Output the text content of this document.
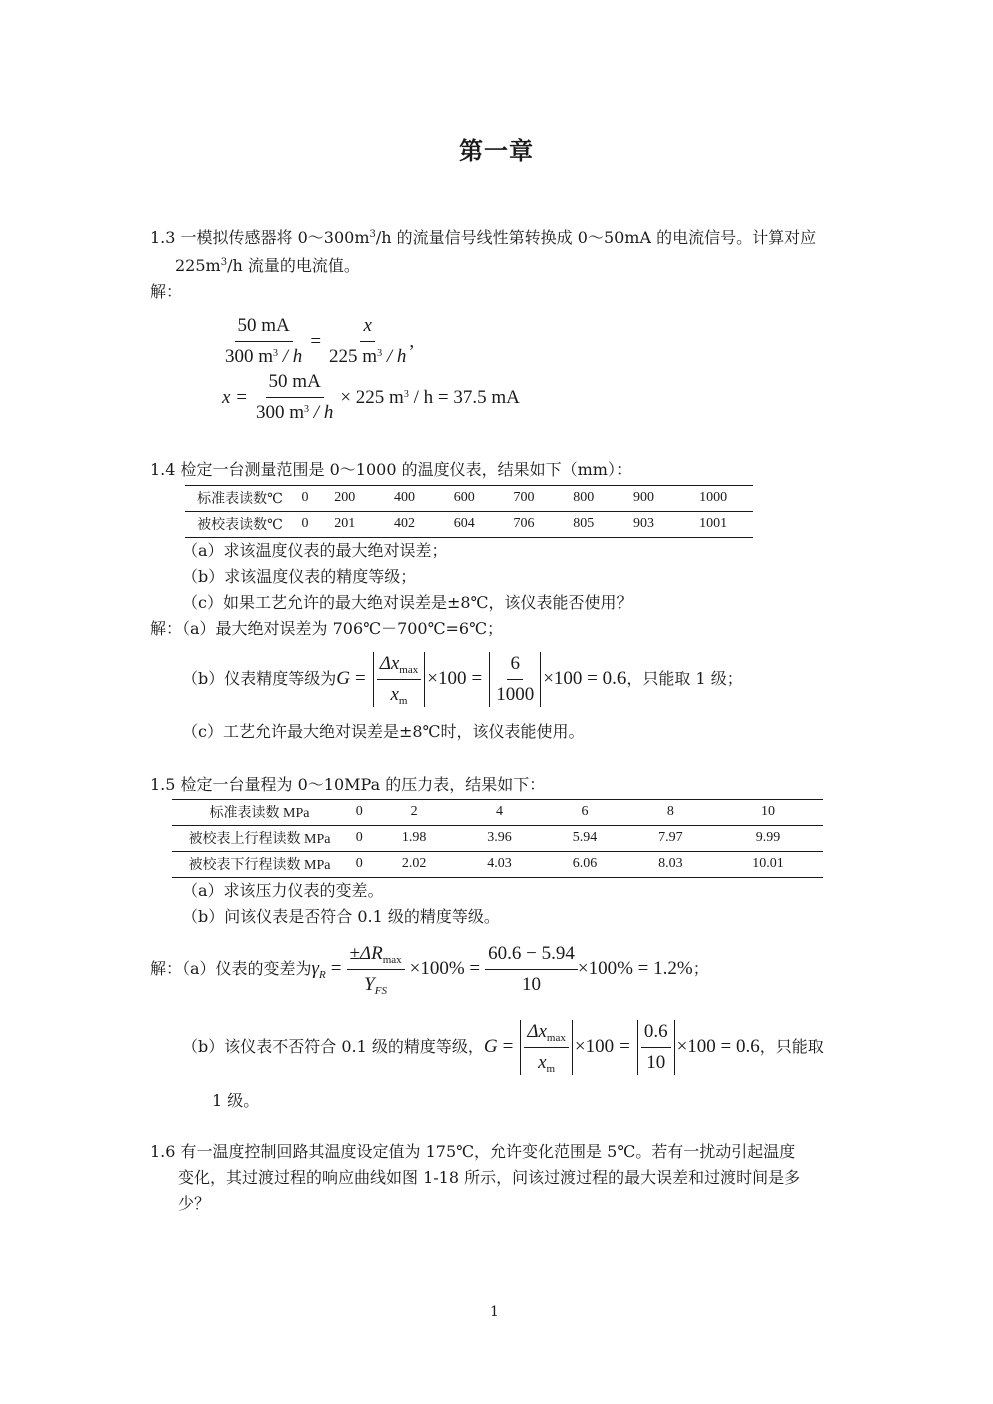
第一章
1.3 一模拟传感器将 $0\sim 300m^3/h$ 的流量信号线性第转换成 0～50mA 的电流信号。计算对应
$225m^3/h$ 流量的电流值。
解：
$\frac{50 mA}{300 m^3 / h} = \frac{x}{225 m^3 / h}$ ,
$x = \frac{50 mA}{300 m^3 / h} \times 225$ $m^3 / h = 37.5$ mA
1.4 检定一台测量范围是 0～1000 的温度仪表，结果如下（mm）：
标准表读数℃	0	200	400	600	700	800	900	1000
被校表读数℃	0	201	402	604	706	805	903	1001
（a）求该温度仪表的最大绝对误差；
（b）求该温度仪表的精度等级；
（c）如果工艺允许的最大绝对误差是±8℃，该仪表能否使用？
解：（a）最大绝对误差为 706℃－700℃=6℃；
（b）仪表精度等级为 $G = \frac{\Delta x_{max}}{x_m} \times 100 = \frac{6}{1000} \times 100 = 0.6$ ，只能取 1 级；
（c）工艺允许最大绝对误差是±8℃时，该仪表能使用。
1.5 检定一台量程为 0～10MPa 的压力表，结果如下：
标准表读数 MPa	0	2	4	6	8	10
被校表上行程读数 MPa	0	1.98	3.96	5.94	7.97	9.99
被校表下行程读数 MPa	0	2.02	4.03	6.06	8.03	10.01
（a）求该压力仪表的变差。
（b）问该仪表是否符合 0.1 级的精度等级。
解：（a）仪表的变差为 $\gamma_R = \frac{\pm\Delta R_{max}}{Y_{FS}} \times 100\% = \frac{60.6 - 5.94}{10} \times 100\% = 1.2\%$ ；
（b）该仪表不否符合 0.1 级的精度等级， $G = \frac{\Delta x_{max}}{x_m} \times 100 = \frac{0.6}{10} \times 100 = 0.6$ ，只能取
1 级。
1.6 有一温度控制回路其温度设定值为 175℃，允许变化范围是 5℃。若有一扰动引起温度
变化，其过渡过程的响应曲线如图 1-18 所示，问该过渡过程的最大误差和过渡时间是多
少？
1
